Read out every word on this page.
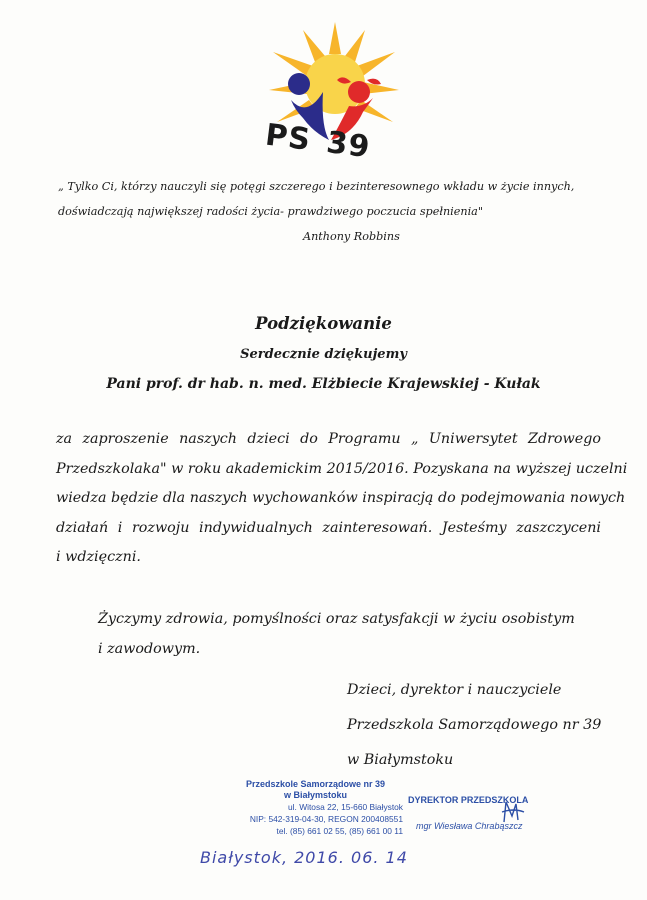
PS 39
„ Tylko Ci, którzy nauczyli się potęgi szczerego i bezinteresownego wkładu w życie innych,
doświadczają największej radości życia- prawdziwego poczucia spełnienia"
Anthony Robbins
Podziękowanie
Serdecznie dziękujemy
Pani prof. dr hab. n. med. Elżbiecie Krajewskiej - Kułak
za zaproszenie naszych dzieci do Programu „ Uniwersytet Zdrowego
Przedszkolaka" w roku akademickim 2015/2016. Pozyskana na wyższej uczelni
wiedza będzie dla naszych wychowanków inspiracją do podejmowania nowych
działań i rozwoju indywidualnych zainteresowań. Jesteśmy zaszczyceni
i wdzięczni.
Życzymy zdrowia, pomyślności oraz satysfakcji w życiu osobistym
i zawodowym.
Dzieci, dyrektor i nauczyciele
Przedszkola Samorządowego nr 39
w Białymstoku
Przedszkole Samorządowe nr 39
w Białymstoku
ul. Witosa 22, 15-660 Białystok
NIP: 542-319-04-30, REGON 200408551
tel. (85) 661 02 55, (85) 661 00 11
DYREKTOR PRZEDSZKOLA
mgr Wiesława Chrabąszcz
Białystok, 2016. 06. 14
